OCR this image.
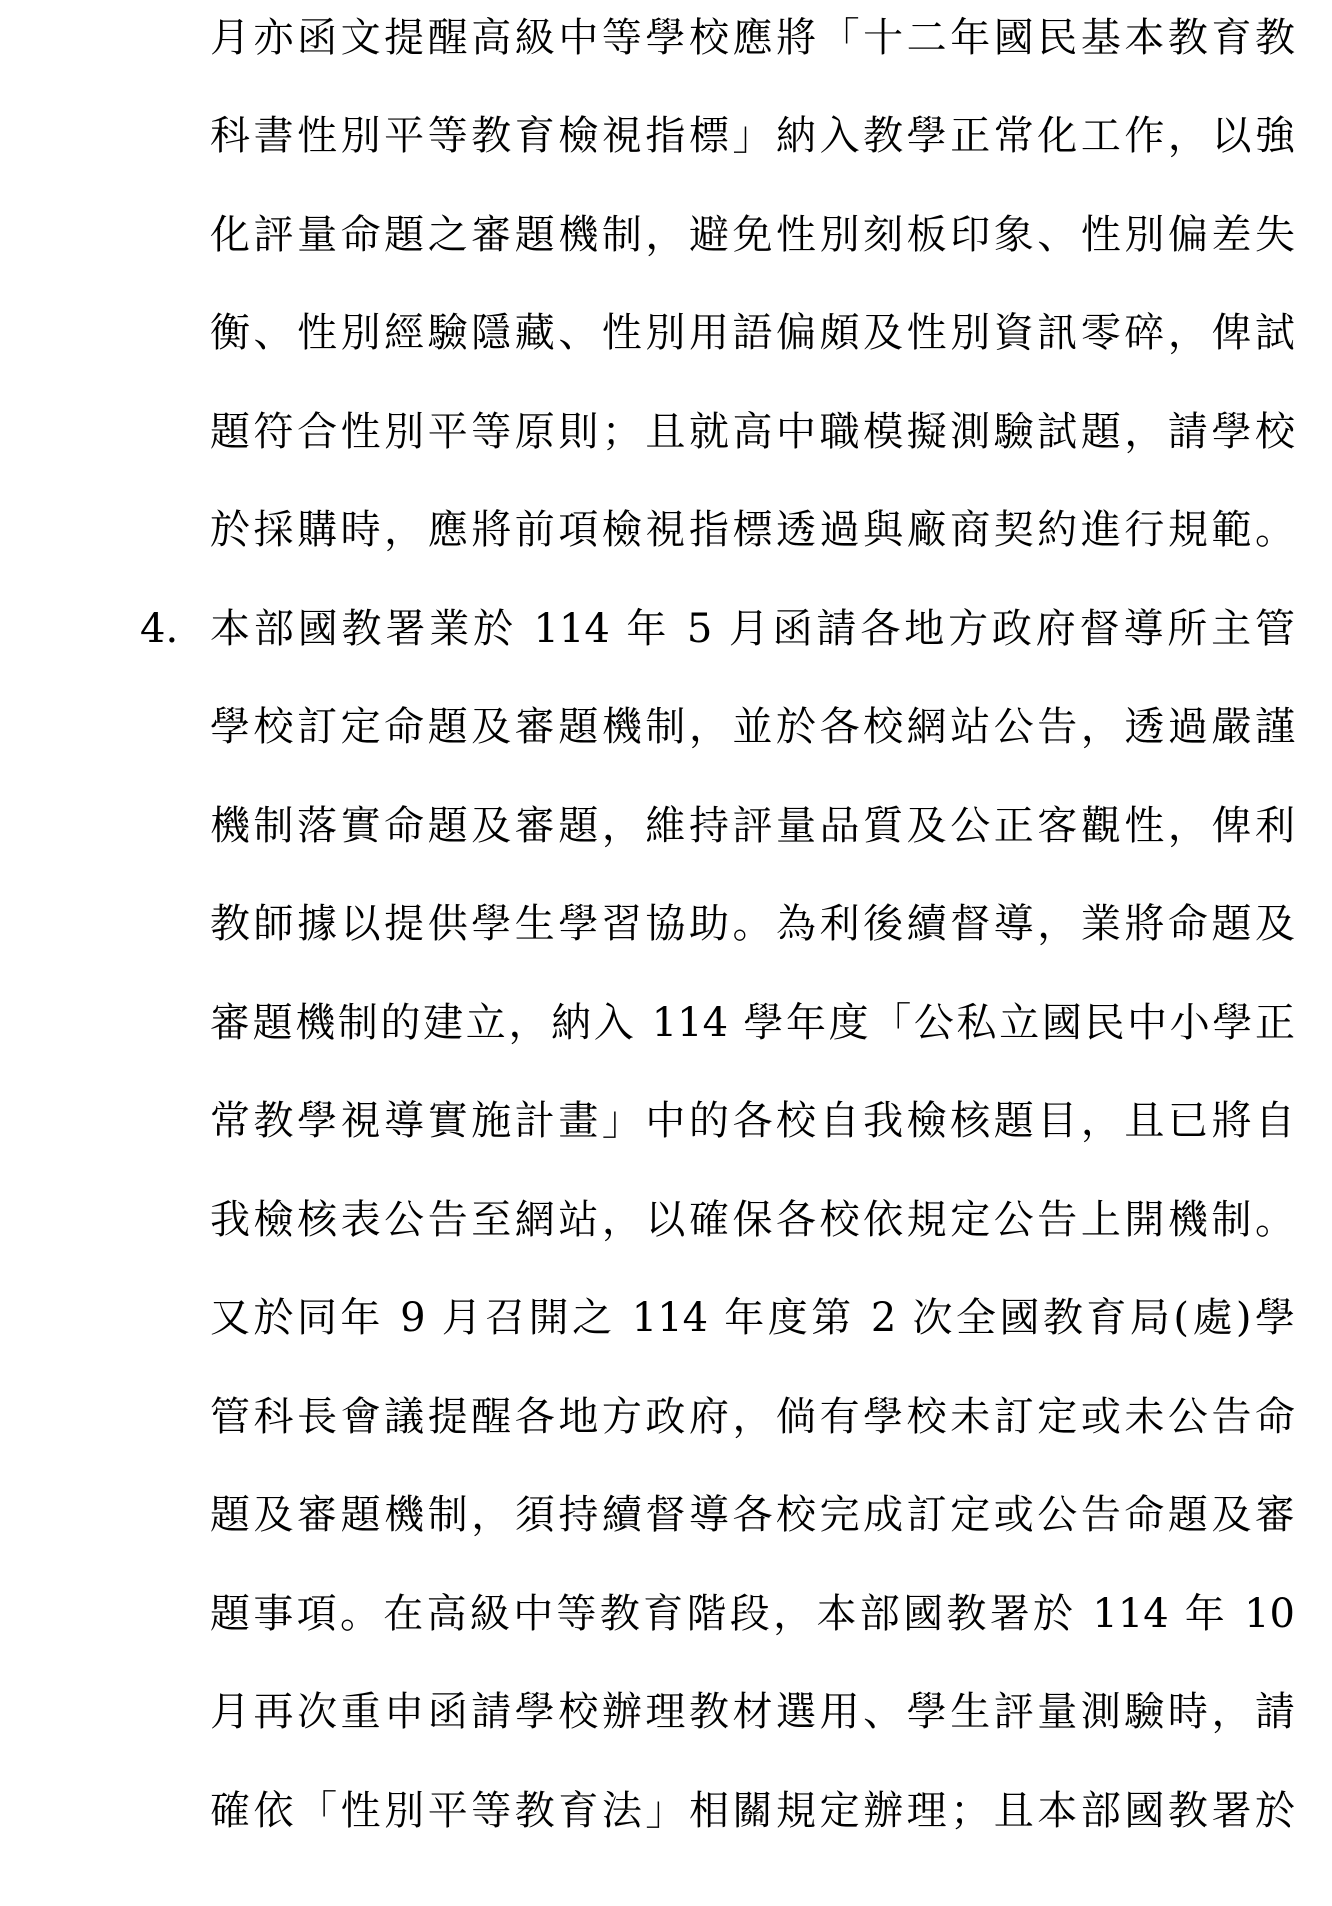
月亦函文提醒高級中等學校應將「十二年國民基本教育教
科書性別平等教育檢視指標」納入教學正常化工作，以強
化評量命題之審題機制，避免性別刻板印象、性別偏差失
衡、性別經驗隱藏、性別用語偏頗及性別資訊零碎，俾試
題符合性別平等原則；且就高中職模擬測驗試題，請學校
於採購時，應將前項檢視指標透過與廠商契約進行規範。
4. 本部國教署業於 114 年 5 月函請各地方政府督導所主管
學校訂定命題及審題機制，並於各校網站公告，透過嚴謹
機制落實命題及審題，維持評量品質及公正客觀性，俾利
教師據以提供學生學習協助。為利後續督導，業將命題及
審題機制的建立，納入 114 學年度「公私立國民中小學正
常教學視導實施計畫」中的各校自我檢核題目，且已將自
我檢核表公告至網站，以確保各校依規定公告上開機制。
又於同年 9 月召開之 114 年度第 2 次全國教育局(處)學
管科長會議提醒各地方政府，倘有學校未訂定或未公告命
題及審題機制，須持續督導各校完成訂定或公告命題及審
題事項。在高級中等教育階段，本部國教署於 114 年 10
月再次重申函請學校辦理教材選用、學生評量測驗時，請
確依「性別平等教育法」相關規定辦理；且本部國教署於
